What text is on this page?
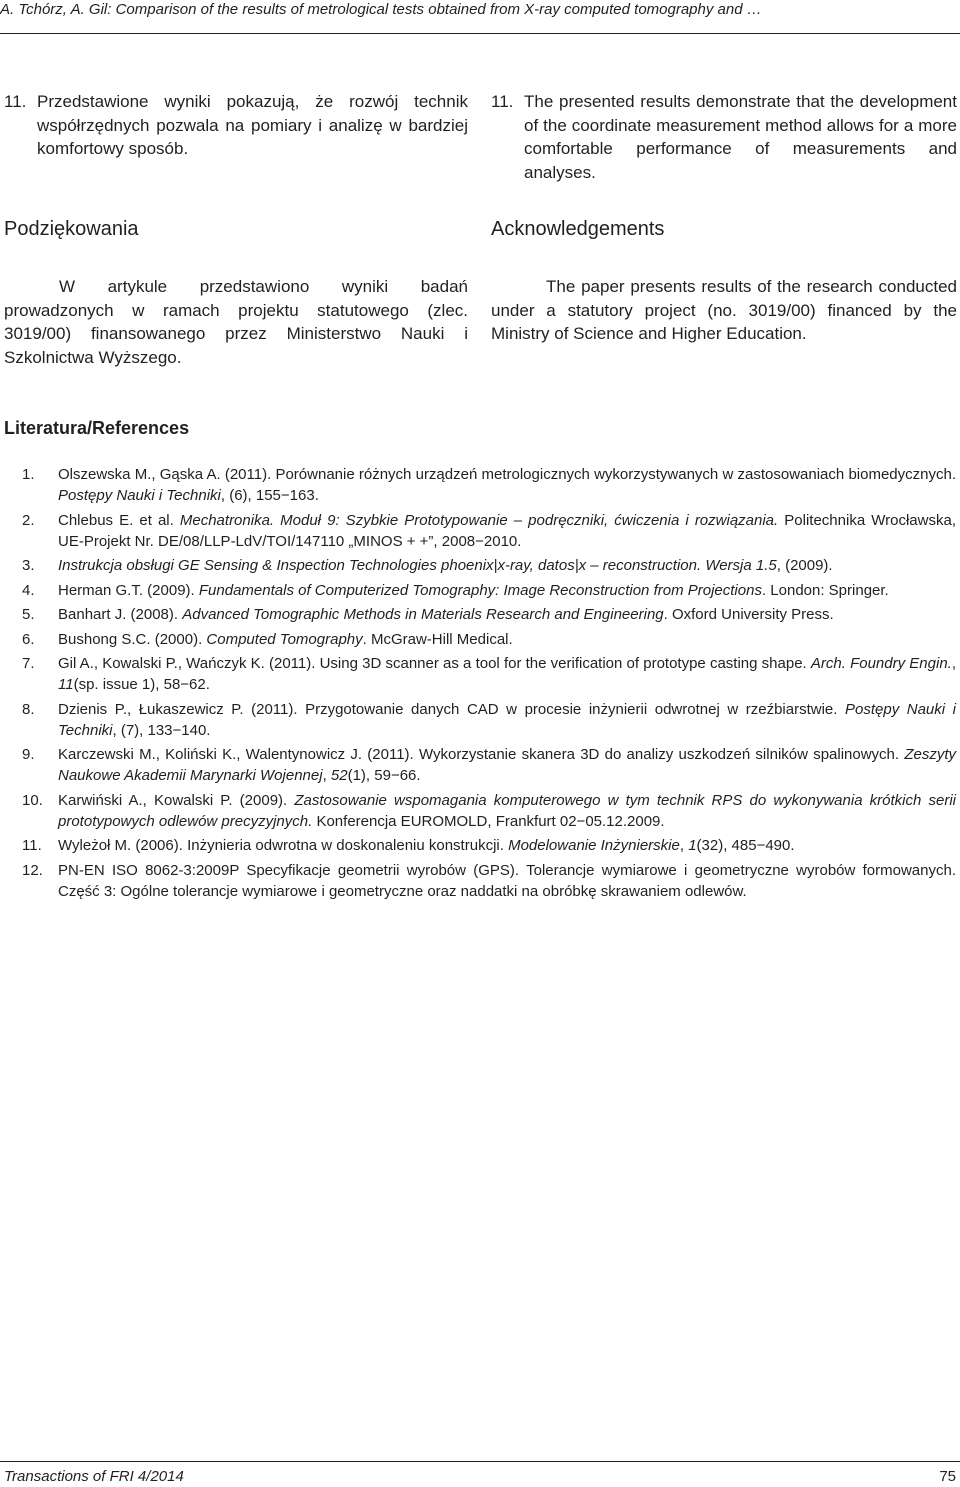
A. Tchórz, A. Gil: Comparison of the results of metrological tests obtained from X-ray computed tomography and …

11. Przedstawione wyniki pokazują, że rozwój technik współrzędnych pozwala na pomiary i analizę w bardziej komfortowy sposób.

11. The presented results demonstrate that the development of the coordinate measurement method allows for a more comfortable performance of measurements and analyses.

Podziękowania	Acknowledgements

W artykule przedstawiono wyniki badań prowadzonych w ramach projektu statutowego (zlec. 3019/00) finansowanego przez Ministerstwo Nauki i Szkolnictwa Wyższego.

The paper presents results of the research conducted under a statutory project (no. 3019/00) financed by the Ministry of Science and Higher Education.

Literatura/References
1. Olszewska M., Gąska A. (2011). Porównanie różnych urządzeń metrologicznych wykorzystywanych w zastosowaniach biomedycznych. Postępy Nauki i Techniki, (6), 155−163.
2. Chlebus E. et al. Mechatronika. Moduł 9: Szybkie Prototypowanie – podręczniki, ćwiczenia i rozwiązania. Politechnika Wrocławska, UE-Projekt Nr. DE/08/LLP-LdV/TOI/147110 „MINOS + +”, 2008−2010.
3. Instrukcja obsługi GE Sensing & Inspection Technologies phoenix|x-ray, datos|x – reconstruction. Wersja 1.5, (2009).
4. Herman G.T. (2009). Fundamentals of Computerized Tomography: Image Reconstruction from Projections. London: Springer.
5. Banhart J. (2008). Advanced Tomographic Methods in Materials Research and Engineering. Oxford University Press.
6. Bushong S.C. (2000). Computed Tomography. McGraw-Hill Medical.
7. Gil A., Kowalski P., Wańczyk K. (2011). Using 3D scanner as a tool for the verification of prototype casting shape. Arch. Foundry Engin., 11(sp. issue 1), 58−62.
8. Dzienis P., Łukaszewicz P. (2011). Przygotowanie danych CAD w procesie inżynierii odwrotnej w rzeźbiarstwie. Postępy Nauki i Techniki, (7), 133−140.
9. Karczewski M., Koliński K., Walentynowicz J. (2011). Wykorzystanie skanera 3D do analizy uszkodzeń silników spalinowych. Zeszyty Naukowe Akademii Marynarki Wojennej, 52(1), 59−66.
10. Karwiński A., Kowalski P. (2009). Zastosowanie wspomagania komputerowego w tym technik RPS do wykonywania krótkich serii prototypowych odlewów precyzyjnych. Konferencja EUROMOLD, Frankfurt 02−05.12.2009.
11. Wyleżoł M. (2006). Inżynieria odwrotna w doskonaleniu konstrukcji. Modelowanie Inżynierskie, 1(32), 485−490.
12. PN-EN ISO 8062-3:2009P Specyfikacje geometrii wyrobów (GPS). Tolerancje wymiarowe i geometryczne wyrobów formowanych. Część 3: Ogólne tolerancje wymiarowe i geometryczne oraz naddatki na obróbkę skrawaniem odlewów.
Transactions of FRI 4/2014	75
